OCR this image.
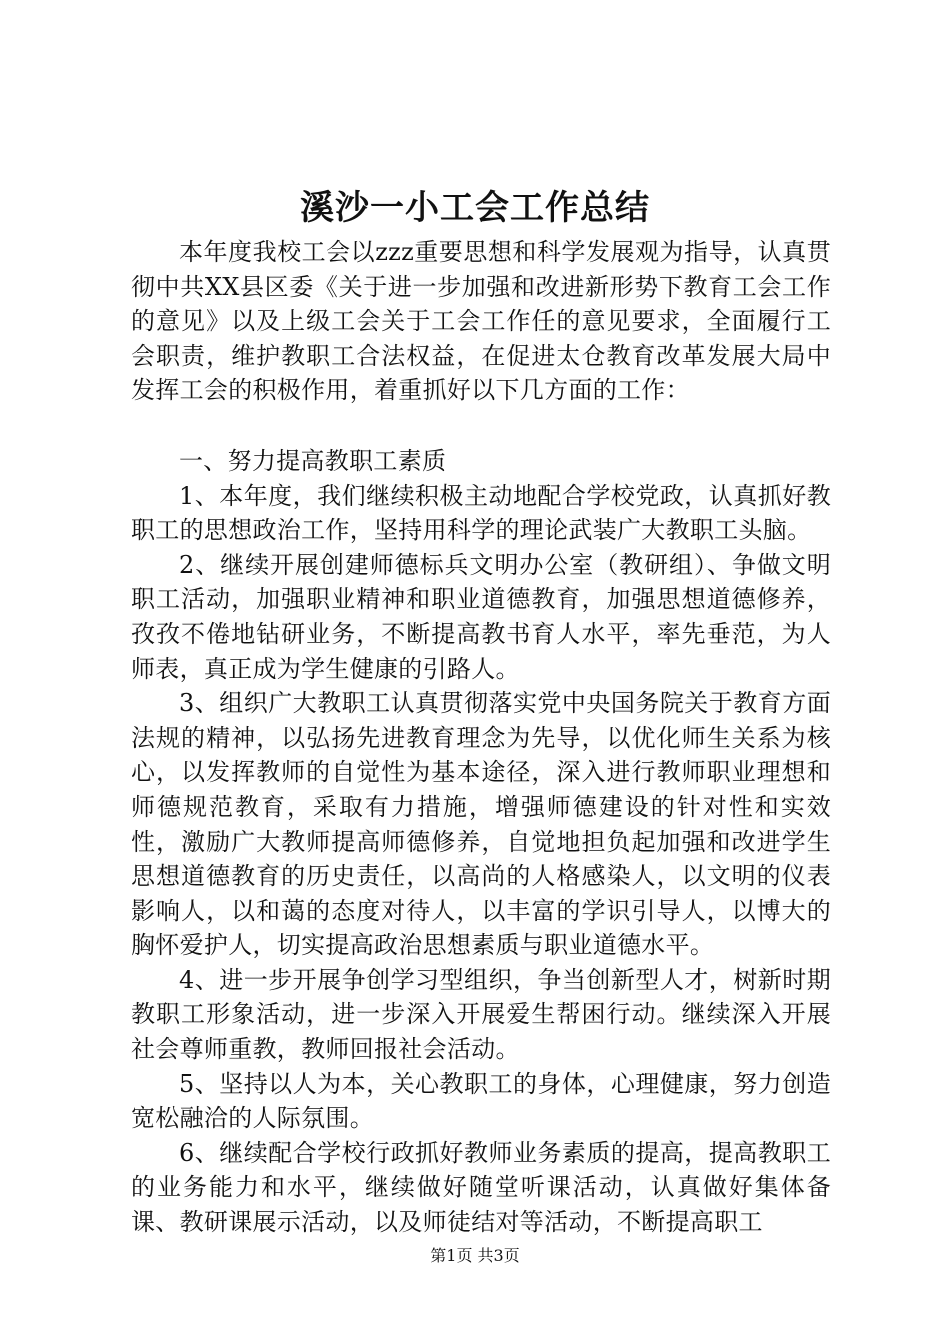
溪沙一小工会工作总结

本年度我校工会以zzz重要思想和科学发展观为指导，认真贯彻中共XX县区委《关于进一步加强和改进新形势下教育工会工作的意见》以及上级工会关于工会工作任的意见要求，全面履行工会职责，维护教职工合法权益，在促进太仓教育改革发展大局中发挥工会的积极作用，着重抓好以下几方面的工作：

一、努力提高教职工素质

1、本年度，我们继续积极主动地配合学校党政，认真抓好教职工的思想政治工作，坚持用科学的理论武装广大教职工头脑。

2、继续开展创建师德标兵文明办公室（教研组）、争做文明职工活动，加强职业精神和职业道德教育，加强思想道德修养，孜孜不倦地钻研业务，不断提高教书育人水平，率先垂范，为人师表，真正成为学生健康的引路人。

3、组织广大教职工认真贯彻落实党中央国务院关于教育方面法规的精神，以弘扬先进教育理念为先导，以优化师生关系为核心，以发挥教师的自觉性为基本途径，深入进行教师职业理想和师德规范教育，采取有力措施，增强师德建设的针对性和实效性，激励广大教师提高师德修养，自觉地担负起加强和改进学生思想道德教育的历史责任，以高尚的人格感染人，以文明的仪表影响人，以和蔼的态度对待人，以丰富的学识引导人，以博大的胸怀爱护人，切实提高政治思想素质与职业道德水平。

4、进一步开展争创学习型组织，争当创新型人才，树新时期教职工形象活动，进一步深入开展爱生帮困行动。继续深入开展社会尊师重教，教师回报社会活动。

5、坚持以人为本，关心教职工的身体，心理健康，努力创造宽松融洽的人际氛围。

6、继续配合学校行政抓好教师业务素质的提高，提高教职工的业务能力和水平，继续做好随堂听课活动，认真做好集体备课、教研课展示活动，以及师徒结对等活动，不断提高职工

第1页 共3页
